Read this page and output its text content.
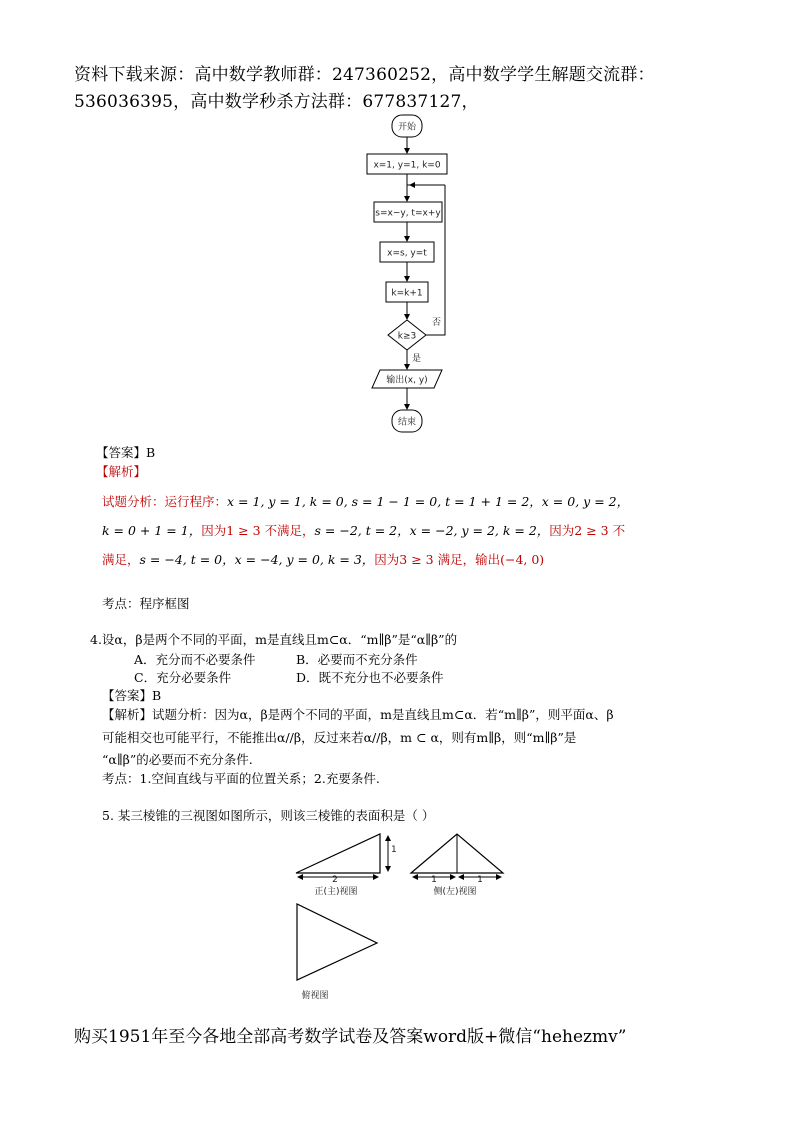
资料下载来源：高中数学教师群：247360252，高中数学学生解题交流群：
536036395，高中数学秒杀方法群：677837127，
开始
x=1, y=1, k=0
s=x−y, t=x+y
x=s, y=t
k=k+1
k≥3
否
是
输出(x, y)
结束
【答案】B
【解析】
试题分析：运行程序：x = 1, y = 1, k = 0, s = 1 − 1 = 0, t = 1 + 1 = 2，x = 0, y = 2，
k = 0 + 1 = 1，因为1 ≥ 3 不满足，s = −2, t = 2，x = −2, y = 2, k = 2，因为2 ≥ 3 不
满足，s = −4, t = 0，x = −4, y = 0, k = 3，因为3 ≥ 3 满足，输出(−4, 0)
考点：程序框图
4.设α，β是两个不同的平面，m是直线且m⊂α．“m∥β”是“α∥β”的
A．充分而不必要条件	B．必要而不充分条件
C．充分必要条件	D．既不充分也不必要条件
【答案】B
【解析】试题分析：因为α，β是两个不同的平面，m是直线且m⊂α．若“m∥β”，则平面α、β
可能相交也可能平行，不能推出α//β，反过来若α//β，m ⊂ α，则有m∥β，则“m∥β”是
“α∥β”的必要而不充分条件.
考点：1.空间直线与平面的位置关系；2.充要条件.
5. 某三棱锥的三视图如图所示，则该三棱锥的表面积是（ ）
1
2
正(主)视图
1	1
侧(左)视图
俯视图
购买1951年至今各地全部高考数学试卷及答案word版+微信“hehezmv”
